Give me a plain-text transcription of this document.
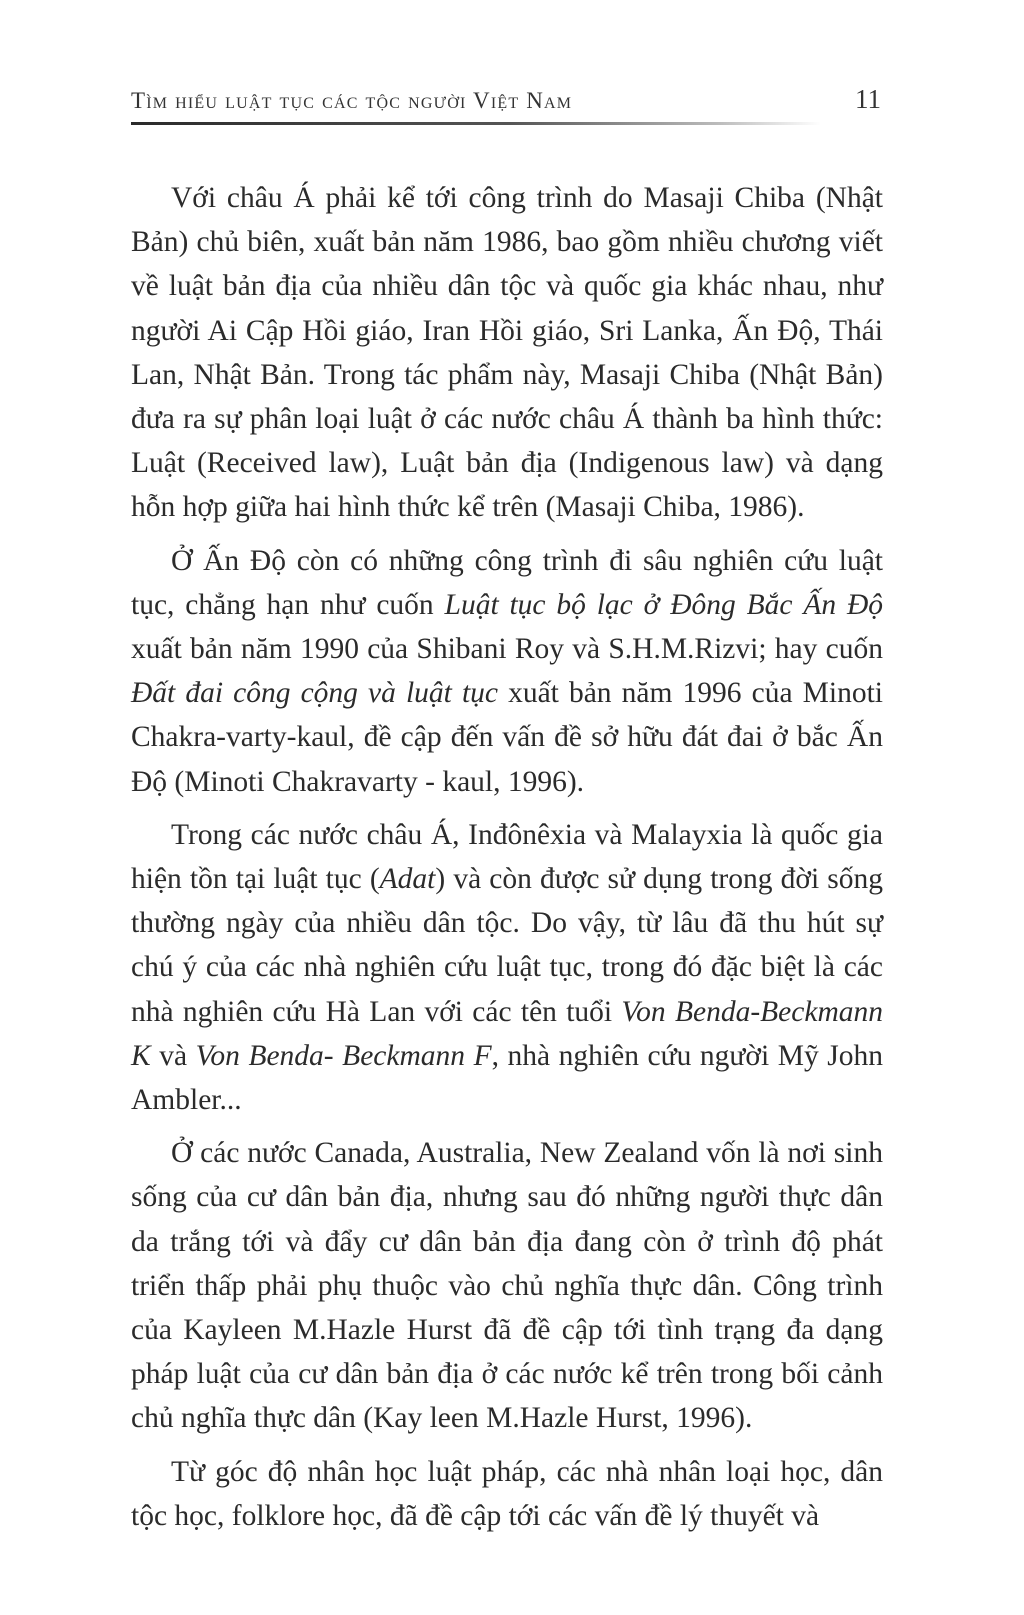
Tìm hiểu luật tục các tộc người Việt Nam	11

Với châu Á phải kể tới công trình do Masaji Chiba (Nhật Bản) chủ biên, xuất bản năm 1986, bao gồm nhiều chương viết về luật bản địa của nhiều dân tộc và quốc gia khác nhau, như người Ai Cập Hồi giáo, Iran Hồi giáo, Sri Lanka, Ấn Độ, Thái Lan, Nhật Bản. Trong tác phẩm này, Masaji Chiba (Nhật Bản) đưa ra sự phân loại luật ở các nước châu Á thành ba hình thức: Luật (Received law), Luật bản địa (Indigenous law) và dạng hỗn hợp giữa hai hình thức kể trên (Masaji Chiba, 1986).

Ở Ấn Độ còn có những công trình đi sâu nghiên cứu luật tục, chẳng hạn như cuốn Luật tục bộ lạc ở Đông Bắc Ấn Độ xuất bản năm 1990 của Shibani Roy và S.H.M.Rizvi; hay cuốn Đất đai công cộng và luật tục xuất bản năm 1996 của Minoti Chakra-varty-kaul, đề cập đến vấn đề sở hữu đát đai ở bắc Ấn Độ (Minoti Chakravarty - kaul, 1996).

Trong các nước châu Á, Inđônêxia và Malayxia là quốc gia hiện tồn tại luật tục (Adat) và còn được sử dụng trong đời sống thường ngày của nhiều dân tộc. Do vậy, từ lâu đã thu hút sự chú ý của các nhà nghiên cứu luật tục, trong đó đặc biệt là các nhà nghiên cứu Hà Lan với các tên tuổi Von Benda-Beckmann K và Von Benda- Beckmann F, nhà nghiên cứu người Mỹ John Ambler...

Ở các nước Canada, Australia, New Zealand vốn là nơi sinh sống của cư dân bản địa, nhưng sau đó những người thực dân da trắng tới và đẩy cư dân bản địa đang còn ở trình độ phát triển thấp phải phụ thuộc vào chủ nghĩa thực dân. Công trình của Kayleen M.Hazle Hurst đã đề cập tới tình trạng đa dạng pháp luật của cư dân bản địa ở các nước kể trên trong bối cảnh chủ nghĩa thực dân (Kay leen M.Hazle Hurst, 1996).

Từ góc độ nhân học luật pháp, các nhà nhân loại học, dân tộc học, folklore học, đã đề cập tới các vấn đề lý thuyết và
